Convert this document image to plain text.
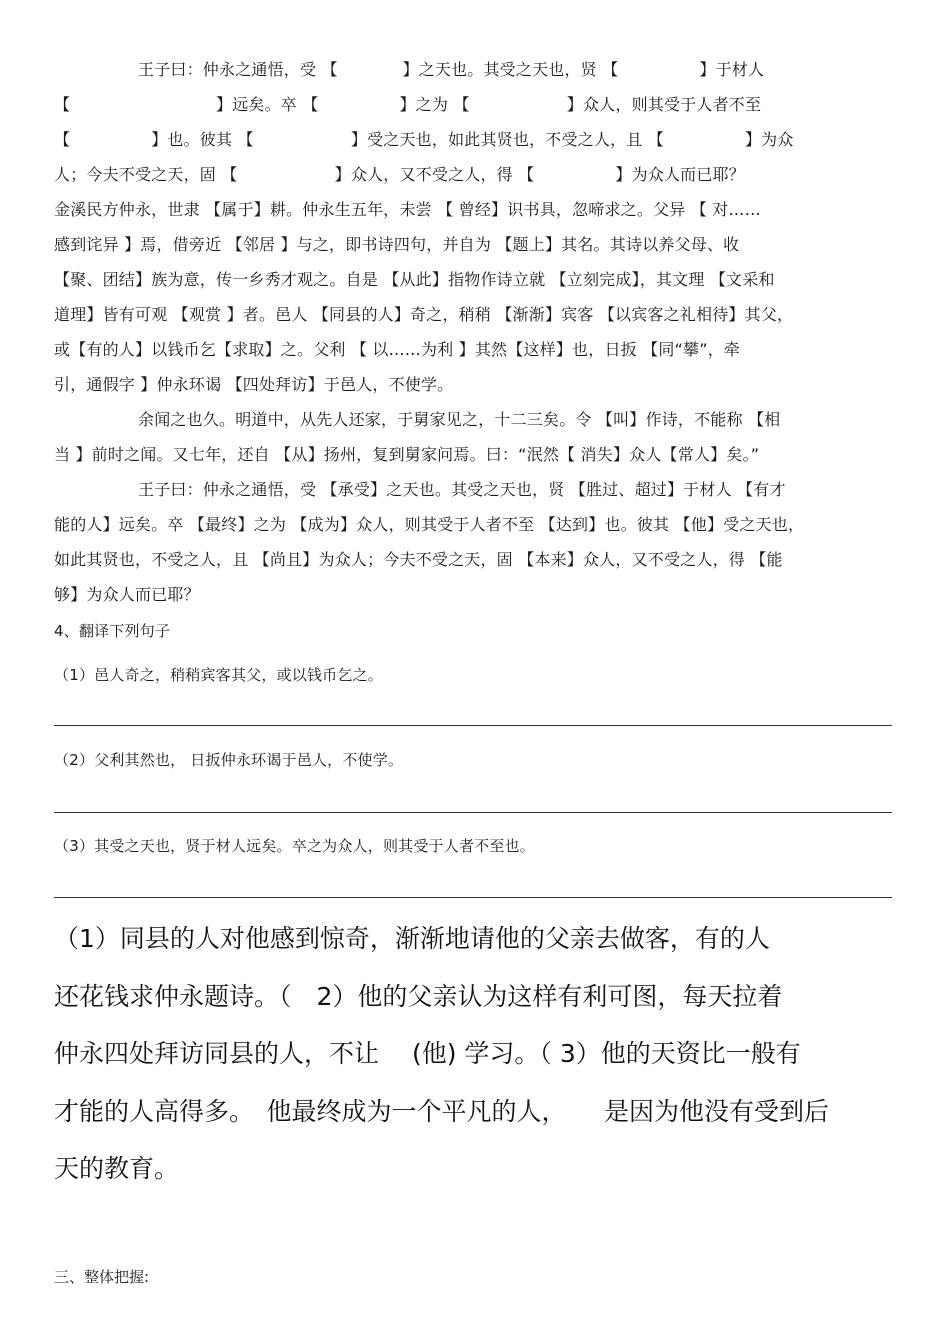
王子曰：仲永之通悟，受 【　　　　】之天也。其受之天也，贤 【　　　　　】于材人
【　　　　　　　　　】远矣。卒 【　　　　　】之为 【　　　　　　】众人，则其受于人者不至
【　　　　　】也。彼其 【　　　　　　】受之天也，如此其贤也，不受之人，且 【　　　　　】为众
人；今夫不受之天，固 【　　　　　　】众人，又不受之人，得 【　　　　　】为众人而已耶？
金溪民方仲永，世隶 【属于】耕。仲永生五年，未尝 【 曾经】识书具，忽啼求之。父异 【 对……
感到诧异 】焉，借旁近 【邻居 】与之，即书诗四句，并自为 【题上】其名。其诗以养父母、收
【聚、团结】族为意，传一乡秀才观之。自是 【从此】指物作诗立就 【立刻完成】，其文理 【文采和
道理】皆有可观 【观赏 】者。邑人 【同县的人】奇之，稍稍 【渐渐】宾客 【以宾客之礼相待】其父，
或【有的人】以钱币乞【求取】之。父利 【 以……为利 】其然【这样】也，日扳 【同“攀”，牵
引，通假字 】仲永环谒 【四处拜访】于邑人，不使学。
余闻之也久。明道中，从先人还家，于舅家见之，十二三矣。令 【叫】作诗，不能称 【相
当 】前时之闻。又七年，还自 【从】扬州，复到舅家问焉。曰：“泯然【 消失】众人【常人】矣。”
王子曰：仲永之通悟，受 【承受】之天也。其受之天也，贤 【胜过、超过】于材人 【有才
能的人】远矣。卒 【最终】之为 【成为】众人，则其受于人者不至 【达到】也。彼其 【他】受之天也，
如此其贤也，不受之人，且 【尚且】为众人；今夫不受之天，固 【本来】众人，又不受之人，得 【能
够】为众人而已耶？
4、翻译下列句子
（1）邑人奇之，稍稍宾客其父，或以钱币乞之。
（2）父利其然也， 日扳仲永环谒于邑人，不使学。
（3）其受之天也，贤于材人远矣。卒之为众人，则其受于人者不至也。
（1）同县的人对他感到惊奇，渐渐地请他的父亲去做客，有的人
还花钱求仲永题诗。（　2）他的父亲认为这样有利可图，每天拉着
仲永四处拜访同县的人，不让　 (他) 学习。（ 3）他的天资比一般有
才能的人高得多。　他最终成为一个平凡的人，　　是因为他没有受到后
天的教育。
三、整体把握:
